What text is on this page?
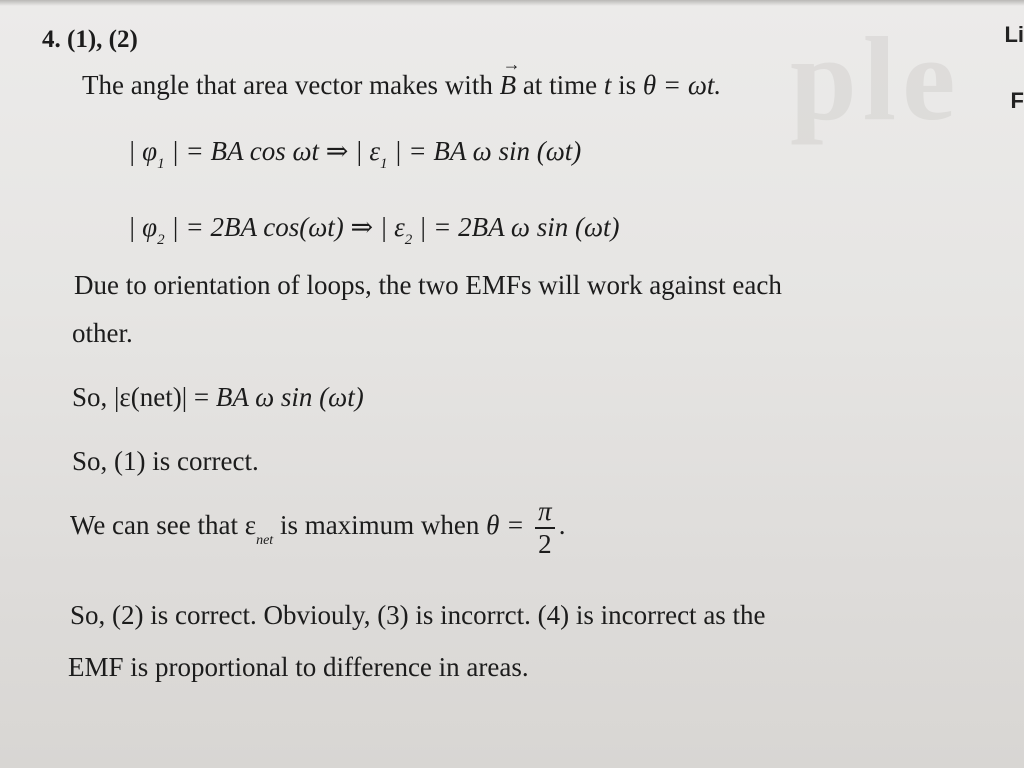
ple Li
F
4. (1), (2)
The angle that area vector makes with
→
B at time t is θ = ωt.
| $\varphi_1$ | = BA cos ωt ⇒ | $\varepsilon_1$ | = BA ω sin (ωt)
| $\varphi_2$ | = 2BA cos(ωt) ⇒ | $\varepsilon_2$ | = 2BA ω sin (ωt)
Due to orientation of loops, the two EMFs will work against each
other.
So, |ε(net)| = BA ω sin (ωt)
So, (1) is correct.
We can see that $\varepsilon_{net}$ is maximum when $\theta = \frac{\pi}{2}$ .
So, (2) is correct. Obviouly, (3) is incorrct. (4) is incorrect as the
EMF is proportional to difference in areas.
